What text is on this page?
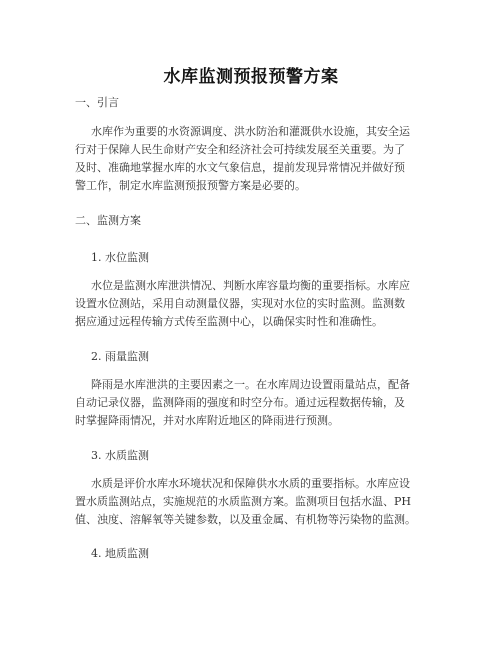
水库监测预报预警方案
一、引言
水库作为重要的水资源调度、洪水防治和灌溉供水设施，其安全运
行对于保障人民生命财产安全和经济社会可持续发展至关重要。为了
及时、准确地掌握水库的水文气象信息，提前发现异常情况并做好预
警工作，制定水库监测预报预警方案是必要的。
二、监测方案
1. 水位监测
水位是监测水库泄洪情况、判断水库容量均衡的重要指标。水库应
设置水位测站，采用自动测量仪器，实现对水位的实时监测。监测数
据应通过远程传输方式传至监测中心，以确保实时性和准确性。
2. 雨量监测
降雨是水库泄洪的主要因素之一。在水库周边设置雨量站点，配备
自动记录仪器，监测降雨的强度和时空分布。通过远程数据传输，及
时掌握降雨情况，并对水库附近地区的降雨进行预测。
3. 水质监测
水质是评价水库水环境状况和保障供水水质的重要指标。水库应设
置水质监测站点，实施规范的水质监测方案。监测项目包括水温、PH
值、浊度、溶解氧等关键参数，以及重金属、有机物等污染物的监测。
4. 地质监测
